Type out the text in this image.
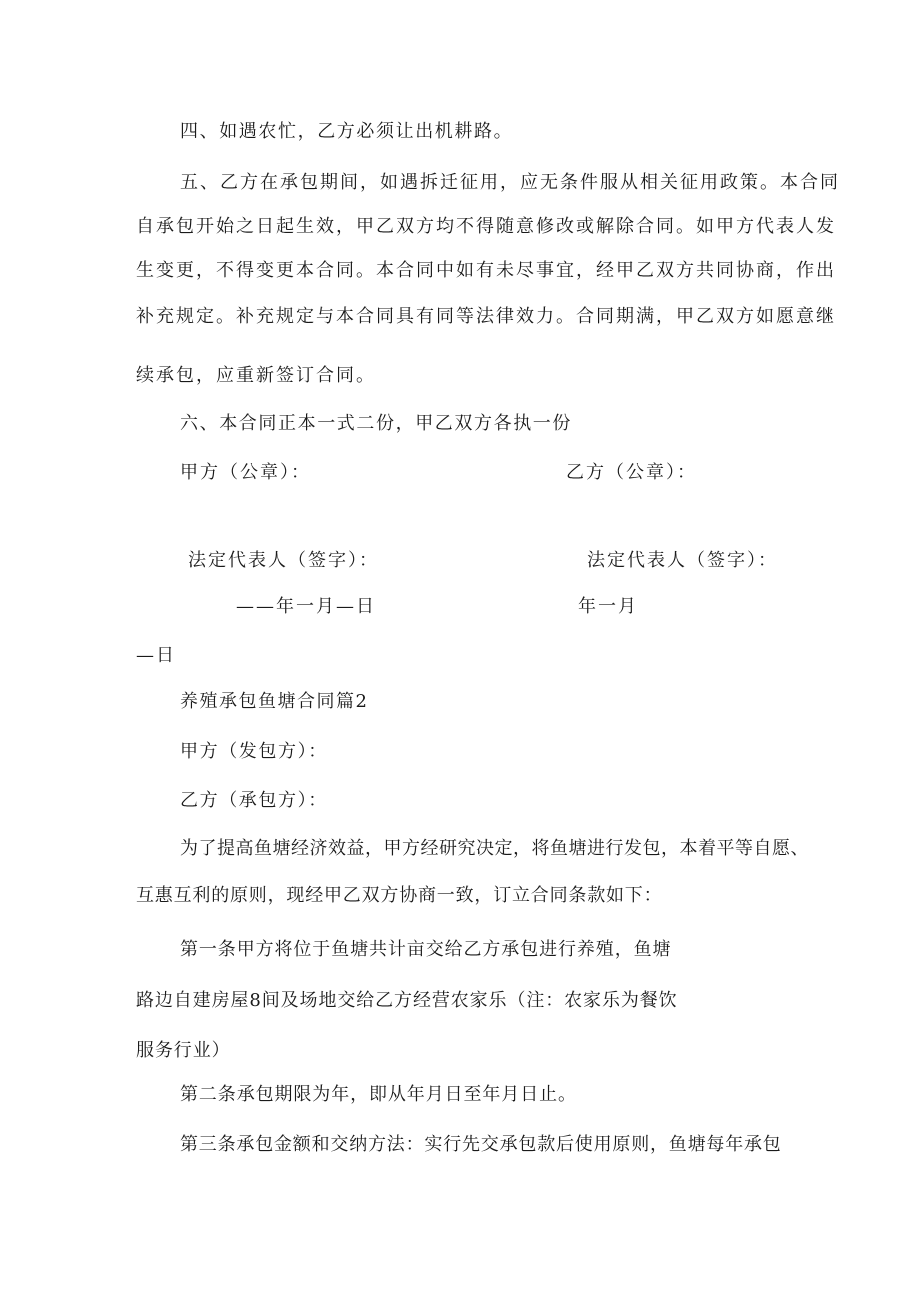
四、如遇农忙，乙方必须让出机耕路。
五、乙方在承包期间，如遇拆迁征用，应无条件服从相关征用政策。本合同
自承包开始之日起生效，甲乙双方均不得随意修改或解除合同。如甲方代表人发
生变更，不得变更本合同。本合同中如有未尽事宜，经甲乙双方共同协商，作出
补充规定。补充规定与本合同具有同等法律效力。合同期满，甲乙双方如愿意继
续承包，应重新签订合同。
六、本合同正本一式二份，甲乙双方各执一份
甲方（公章）：	乙方（公章）：
法定代表人（签字）：	法定代表人（签字）：
——年一月—日	年一月
—日
养殖承包鱼塘合同篇2
甲方（发包方）：
乙方（承包方）：
为了提高鱼塘经济效益，甲方经研究决定，将鱼塘进行发包，本着平等自愿、
互惠互利的原则，现经甲乙双方协商一致，订立合同条款如下：
第一条甲方将位于鱼塘共计亩交给乙方承包进行养殖，鱼塘
路边自建房屋8间及场地交给乙方经营农家乐（注：农家乐为餐饮
服务行业）
第二条承包期限为年，即从年月日至年月日止。
第三条承包金额和交纳方法：实行先交承包款后使用原则，鱼塘每年承包
